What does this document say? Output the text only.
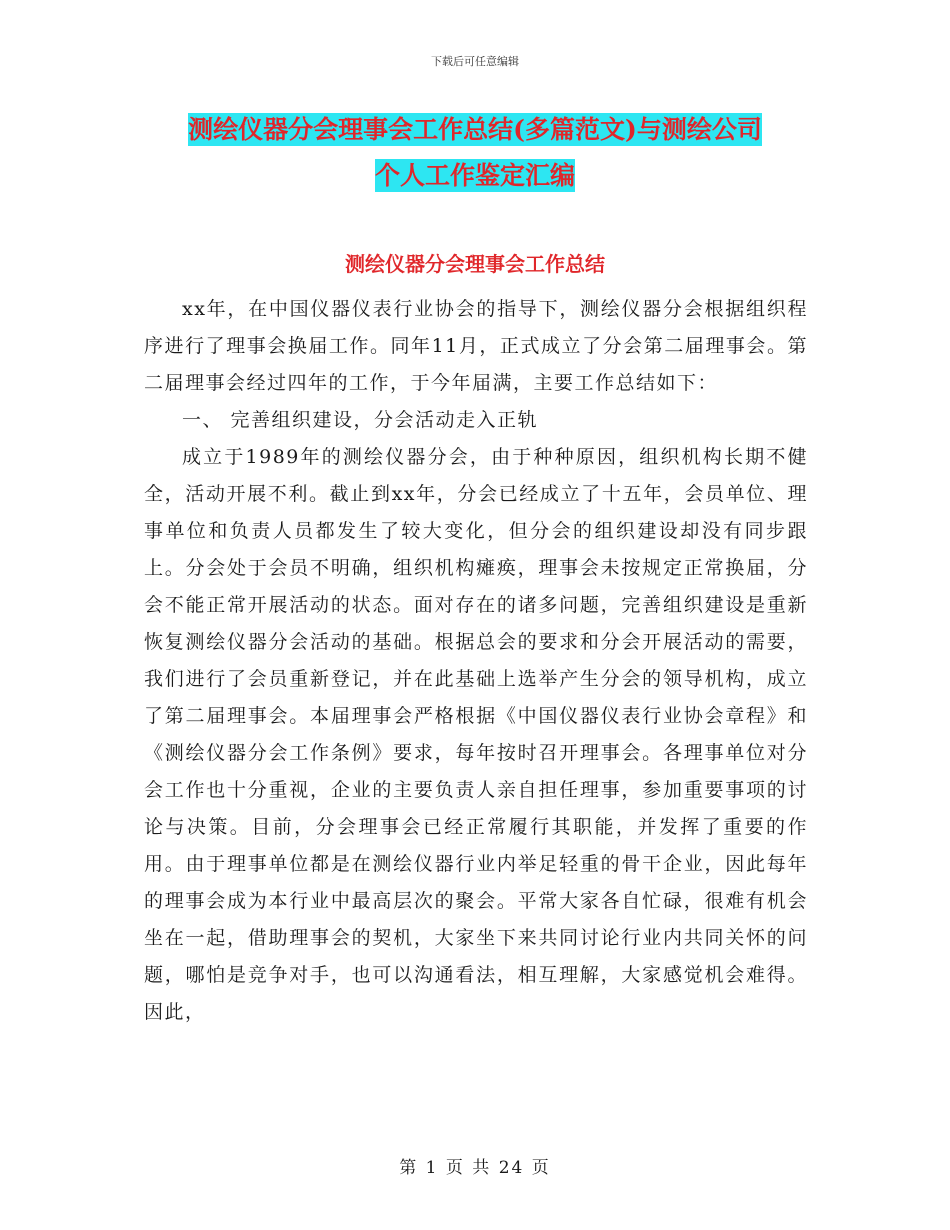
下载后可任意编辑
测绘仪器分会理事会工作总结(多篇范文)与测绘公司
个人工作鉴定汇编
测绘仪器分会理事会工作总结

xx年，在中国仪器仪表行业协会的指导下，测绘仪器分会根据组织程序进行了理事会换届工作。同年11月，正式成立了分会第二届理事会。第二届理事会经过四年的工作，于今年届满，主要工作总结如下：

一、 完善组织建设，分会活动走入正轨

成立于1989年的测绘仪器分会，由于种种原因，组织机构长期不健全，活动开展不利。截止到xx年，分会已经成立了十五年，会员单位、理事单位和负责人员都发生了较大变化，但分会的组织建设却没有同步跟上。分会处于会员不明确，组织机构瘫痪，理事会未按规定正常换届，分会不能正常开展活动的状态。面对存在的诸多问题，完善组织建设是重新恢复测绘仪器分会活动的基础。根据总会的要求和分会开展活动的需要，我们进行了会员重新登记，并在此基础上选举产生分会的领导机构，成立了第二届理事会。本届理事会严格根据《中国仪器仪表行业协会章程》和《测绘仪器分会工作条例》要求，每年按时召开理事会。各理事单位对分会工作也十分重视，企业的主要负责人亲自担任理事，参加重要事项的讨论与决策。目前，分会理事会已经正常履行其职能，并发挥了重要的作用。由于理事单位都是在测绘仪器行业内举足轻重的骨干企业，因此每年的理事会成为本行业中最高层次的聚会。平常大家各自忙碌，很难有机会坐在一起，借助理事会的契机，大家坐下来共同讨论行业内共同关怀的问题，哪怕是竞争对手，也可以沟通看法，相互理解，大家感觉机会难得。因此，

第 1 页 共 24 页
